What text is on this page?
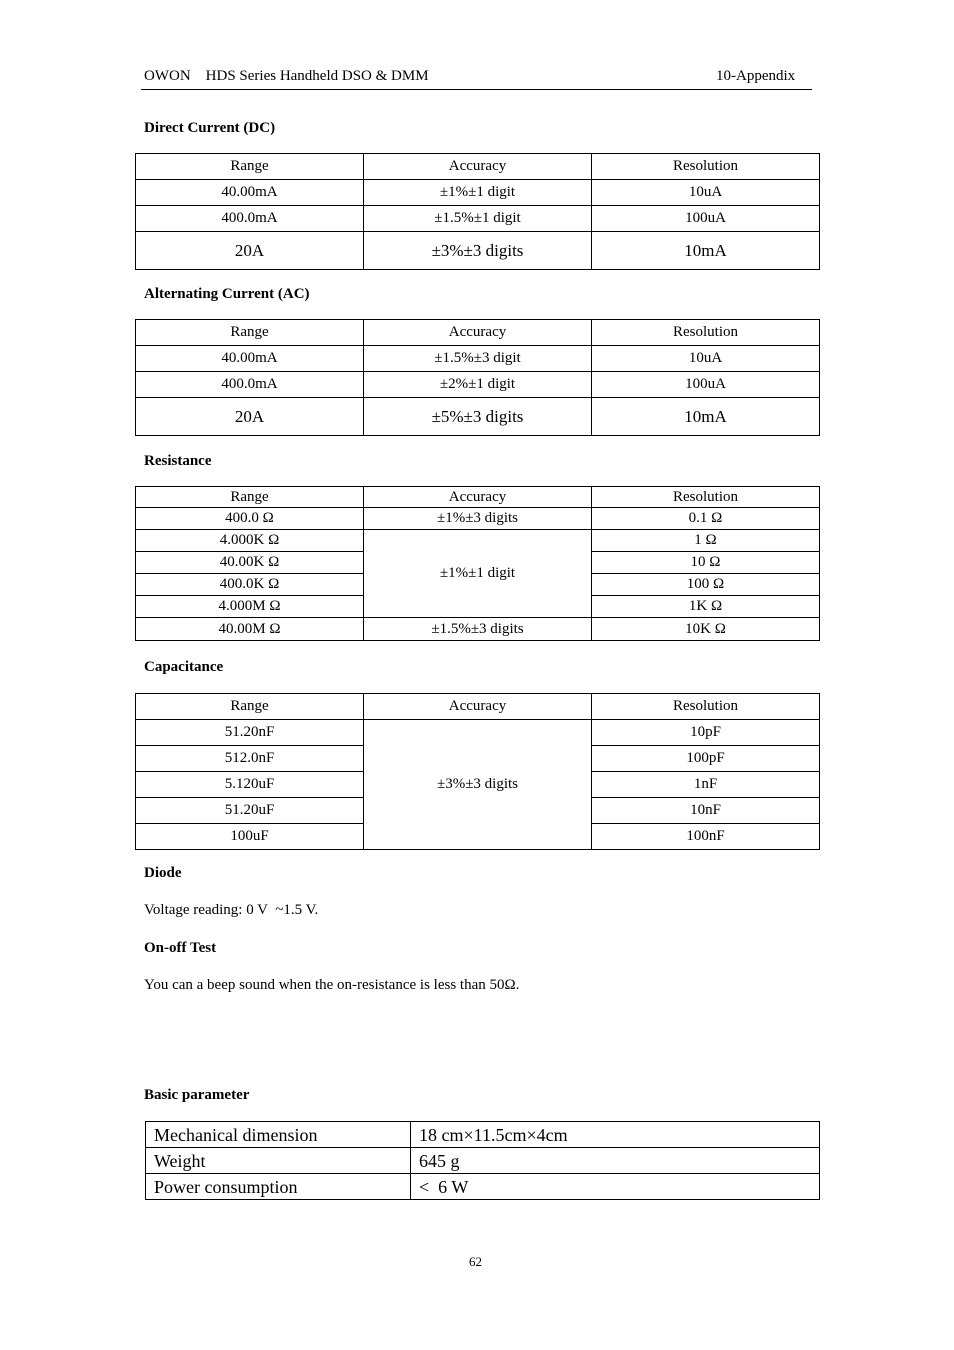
OWON    HDS Series Handheld DSO & DMM	10-Appendix
Direct Current (DC)
Range	Accuracy	Resolution
40.00mA	±1%±1 digit	10uA
400.0mA	±1.5%±1 digit	100uA
20A	±3%±3 digits	10mA
Alternating Current (AC)
Range	Accuracy	Resolution
40.00mA	±1.5%±3 digit	10uA
400.0mA	±2%±1 digit	100uA
20A	±5%±3 digits	10mA
Resistance
Range	Accuracy	Resolution
400.0 Ω	±1%±3 digits	0.1 Ω
4.000K Ω	±1%±1 digit	1 Ω
40.00K Ω		10 Ω
400.0K Ω		100 Ω
4.000M Ω		1K Ω
40.00M Ω	±1.5%±3 digits	10K Ω
Capacitance
Range	Accuracy	Resolution
51.20nF	±3%±3 digits	10pF
512.0nF		100pF
5.120uF		1nF
51.20uF		10nF
100uF		100nF
Diode
Voltage reading: 0 V  ~1.5 V.
On-off Test
You can a beep sound when the on-resistance is less than 50Ω.
Basic parameter
Mechanical dimension	18 cm×11.5cm×4cm
Weight	645 g
Power consumption	<  6 W
62
